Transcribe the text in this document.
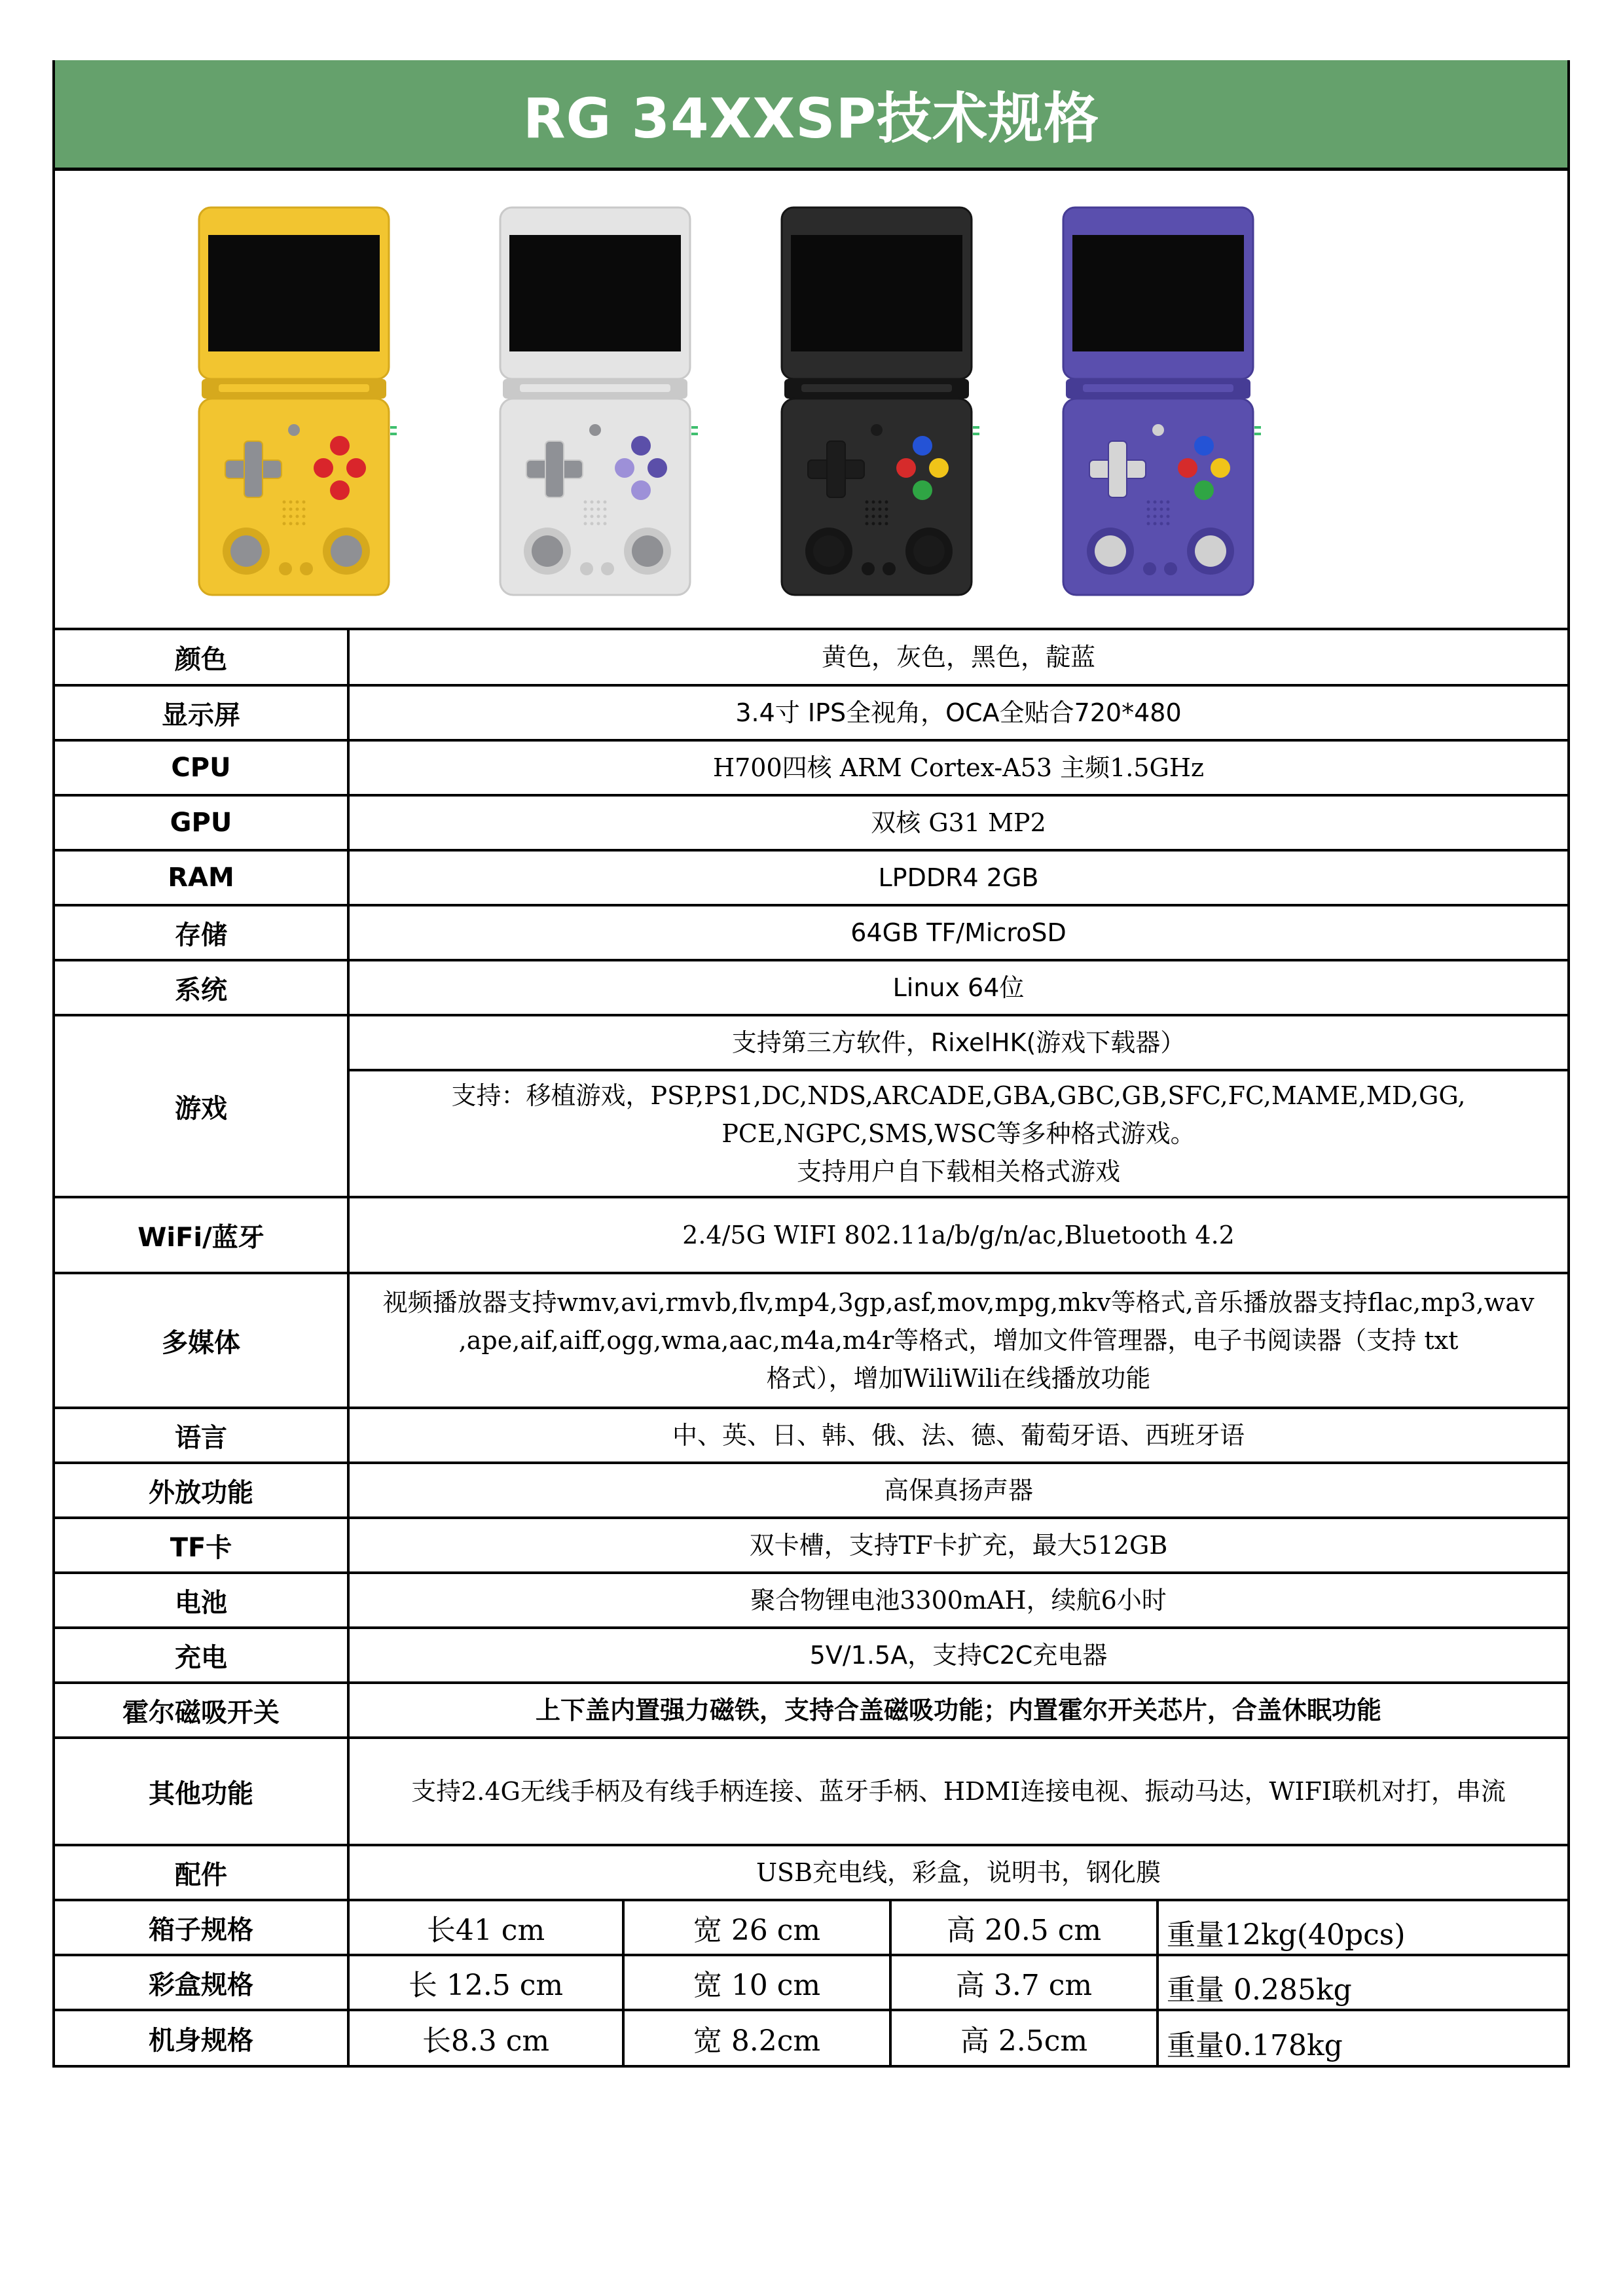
RG 34XXSP技术规格
颜色	黄色，灰色，黑色，靛蓝			

显示屏	3.4寸 IPS全视角，OCA全贴合720*480			

CPU	H700四核 ARM Cortex-A53 主频1.5GHz			

GPU	双核 G31 MP2			

RAM	LPDDR4 2GB			

存储	64GB TF/MicroSD			

系统	Linux 64位			

游戏	支持第三方软件，RixelHK(游戏下载器）			

	支持：移植游戏，PSP,PS1,DC,NDS,ARCADE,GBA,GBC,GB,SFC,FC,MAME,MD,GG,
PCE,NGPC,SMS,WSC等多种格式游戏。
支持用户自下载相关格式游戏			

WiFi/蓝牙	2.4/5G WIFI 802.11a/b/g/n/ac,Bluetooth 4.2			

多媒体	视频播放器支持wmv,avi,rmvb,flv,mp4,3gp,asf,mov,mpg,mkv等格式,音乐播放器支持flac,mp3,wav
,ape,aif,aiff,ogg,wma,aac,m4a,m4r等格式，增加文件管理器，电子书阅读器（支持 txt
格式），增加WiliWili在线播放功能			

语言	中、英、日、韩、俄、法、德、葡萄牙语、西班牙语			

外放功能	高保真扬声器			

TF卡	双卡槽，支持TF卡扩充，最大512GB			

电池	聚合物锂电池3300mAH，续航6小时			

充电	5V/1.5A，支持C2C充电器			

霍尔磁吸开关	上下盖内置强力磁铁，支持合盖磁吸功能；内置霍尔开关芯片，合盖休眠功能			

其他功能	支持2.4G无线手柄及有线手柄连接、蓝牙手柄、HDMI连接电视、振动马达，WIFI联机对打，串流			

配件	USB充电线，彩盒，说明书，钢化膜			

箱子规格	长41 cm	宽 26 cm	高 20.5 cm	重量12kg(40pcs)
彩盒规格	长 12.5 cm	宽 10 cm	高 3.7 cm	重量 0.285kg
机身规格	长8.3 cm	宽 8.2cm	高 2.5cm	重量0.178kg
